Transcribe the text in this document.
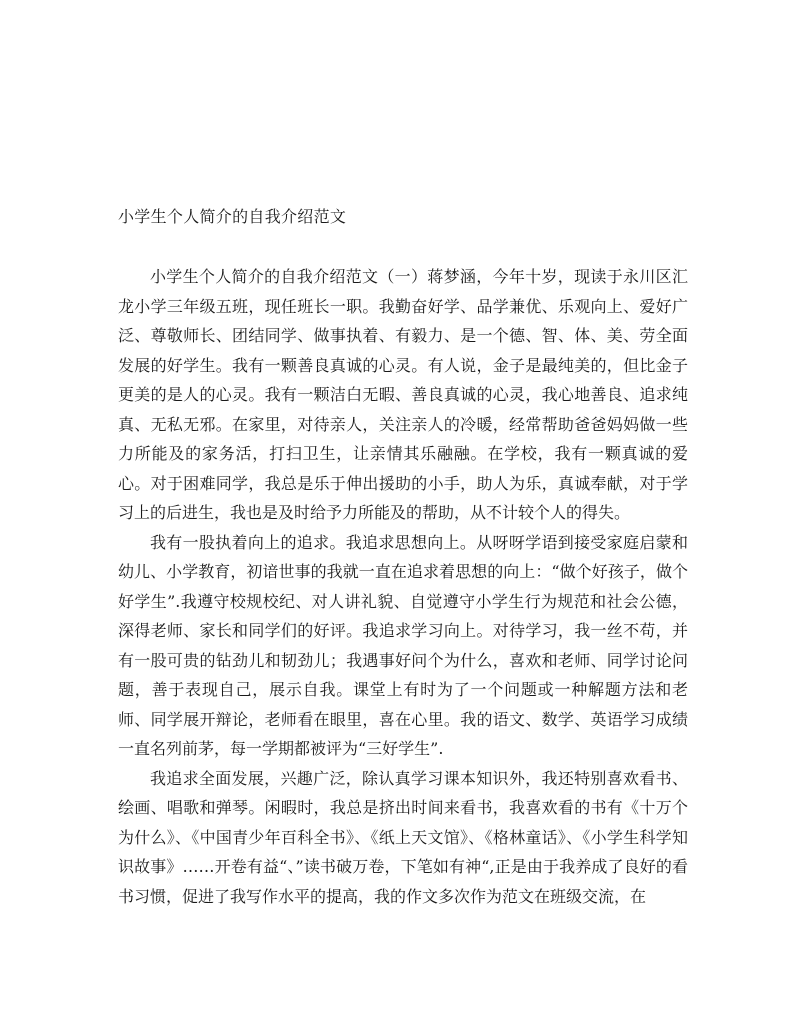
小学生个人简介的自我介绍范文

小学生个人简介的自我介绍范文（一）蒋梦涵，今年十岁，现读于永川区汇龙小学三年级五班，现任班长一职。我勤奋好学、品学兼优、乐观向上、爱好广泛、尊敬师长、团结同学、做事执着、有毅力、是一个德、智、体、美、劳全面发展的好学生。我有一颗善良真诚的心灵。有人说，金子是最纯美的，但比金子更美的是人的心灵。我有一颗洁白无暇、善良真诚的心灵，我心地善良、追求纯真、无私无邪。在家里，对待亲人，关注亲人的冷暖，经常帮助爸爸妈妈做一些力所能及的家务活，打扫卫生，让亲情其乐融融。在学校，我有一颗真诚的爱心。对于困难同学，我总是乐于伸出援助的小手，助人为乐，真诚奉献，对于学习上的后进生，我也是及时给予力所能及的帮助，从不计较个人的得失。

我有一股执着向上的追求。我追求思想向上。从呀呀学语到接受家庭启蒙和幼儿、小学教育，初谙世事的我就一直在追求着思想的向上：“做个好孩子，做个好学生”.我遵守校规校纪、对人讲礼貌、自觉遵守小学生行为规范和社会公德，深得老师、家长和同学们的好评。我追求学习向上。对待学习，我一丝不苟，并有一股可贵的钻劲儿和韧劲儿；我遇事好问个为什么，喜欢和老师、同学讨论问题，善于表现自己，展示自我。课堂上有时为了一个问题或一种解题方法和老师、同学展开辩论，老师看在眼里，喜在心里。我的语文、数学、英语学习成绩一直名列前茅，每一学期都被评为“三好学生”.

我追求全面发展，兴趣广泛，除认真学习课本知识外，我还特别喜欢看书、绘画、唱歌和弹琴。闲暇时，我总是挤出时间来看书，我喜欢看的书有《十万个为什么》、《中国青少年百科全书》、《纸上天文馆》、《格林童话》、《小学生科学知识故事》……开卷有益“、”读书破万卷，下笔如有神“,正是由于我养成了良好的看书习惯，促进了我写作水平的提高，我的作文多次作为范文在班级交流，在
